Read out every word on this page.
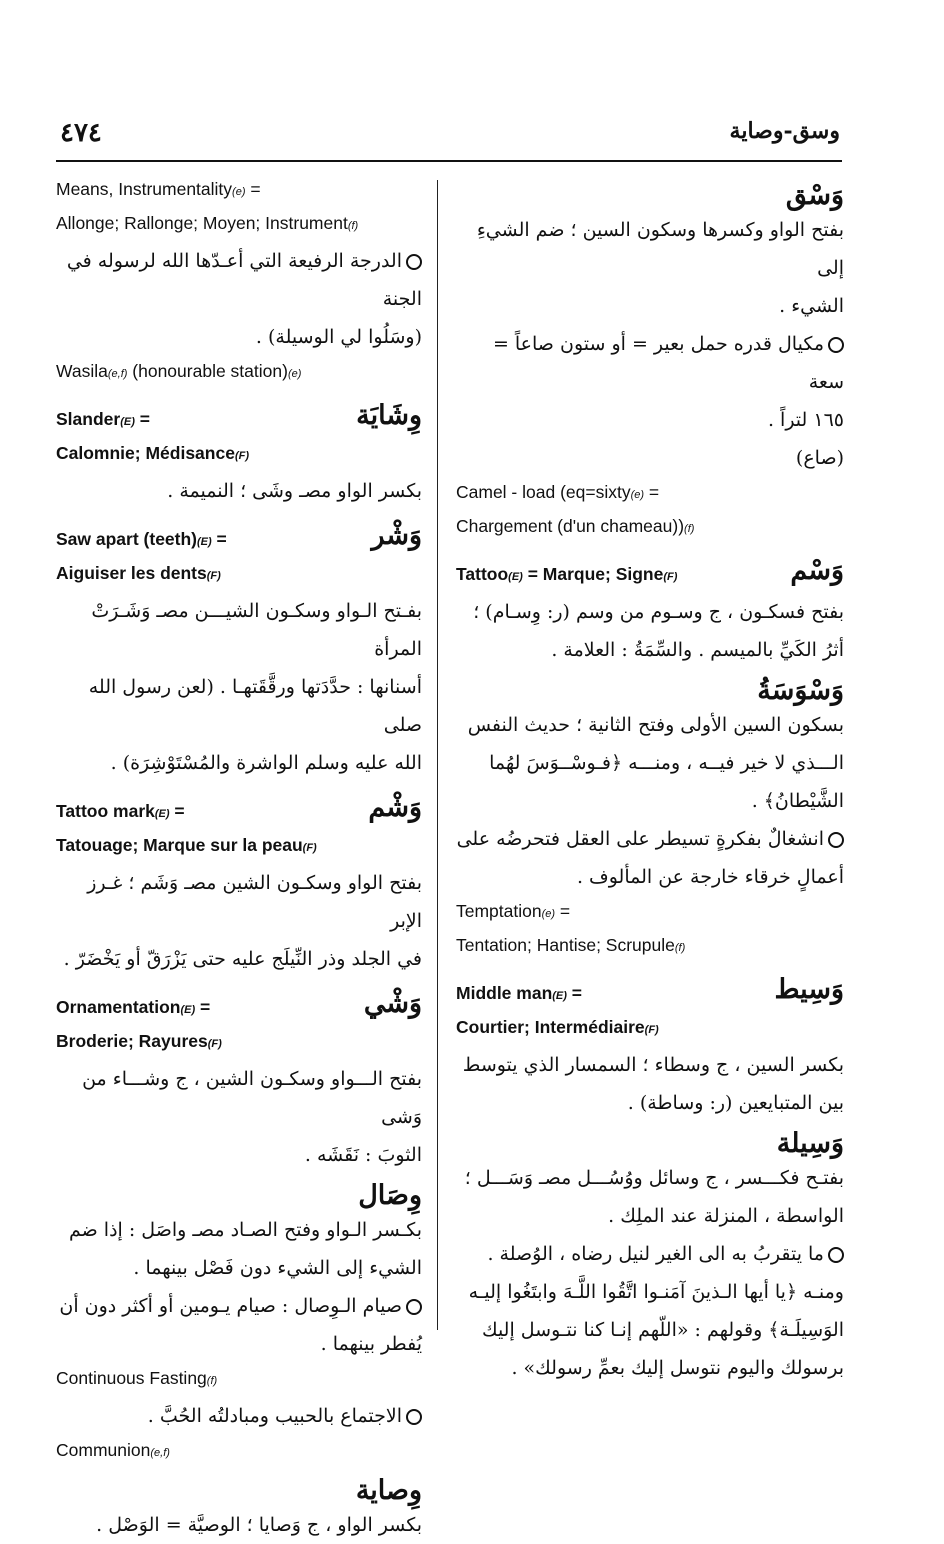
٤٧٤	وسق-وصاية
Means, Instrumentality(e) =
Allonge; Rallonge; Moyen; Instrument(f)
الدرجة الرفيعة التي أعـدّها الله لرسوله في الجنة
(وسَلُوا لي الوسيلة) .
Wasila(e,f) (honourable station)(e)
وِشَايَة
Slander(E) =
Calomnie; Médisance(F)
بكسر الواو مصـ وشَى ؛ النميمة .
وَشْر
Saw apart (teeth)(E) =
Aiguiser les dents(F)
بفـتح الـواو وسكـون الشيـــن مصـ وَشَـرَتْ المرأة
أسنانها : حدَّدَتها ورقَّقَتهـا . (لعن رسول الله صلى
الله عليه وسلم الواشرة والمُسْتَوْشِرَة) .
وَشْم
Tattoo mark(E) =
Tatouage; Marque sur la peau(F)
بفتح الواو وسكـون الشين مصـ وَشَم ؛ غـرز الإبر
في الجلد وذر النِّيلَج عليه حتى يَزْرَقّ أو يَخْضَرّ .
وَشْي
Ornamentation(E) =
Broderie; Rayures(F)
بفتح الـــواو وسكـون الشين ، ج وشـــاء من وَشى
الثوبَ : نَقَشَه .
وِصَال
بكـسر الـواو وفتح الصـاد مصـ واصَل : إذا ضم
الشيء إلى الشيء دون فَصْل بينهما .
صيام الـوِصال : صيام يـومين أو أكثر دون أن
يُفطر بينهما .
Continuous Fasting(f)
الاجتماع بالحبيب ومبادلتُه الحُبَّ .
Communion(e,f)
وِصاية
بكسر الواو ، ج وَصايا ؛ الوصيَّة = الوَصْل .
وَسْق
بفتح الواو وكسرها وسكون السين ؛ ضم الشيءِ إلى
الشيء .
مكيال قدره حمل بعير = أو ستون صاعاً = سعة
١٦٥ لتراً .
(صاع)
Camel - load (eq=sixty(e) =
Chargement (d'un chameau))(f)
وَسْم
Tattoo(E) = Marque; Signe(F)
بفتح فسكـون ، ج وسـوم من وسم (ر: وِسـام) ؛
أثرُ الكَيِّ بالميسم . والسِّمَةُ : العلامة .
وَسْوَسَةُ
بسكون السين الأولى وفتح الثانية ؛ حديث النفس
الـــذي لا خير فيــه ، ومنـــه ﴿فـوسْــوَسَ لهُما
الشَّيْطانُ﴾ .
انشغالٌ بفكرةٍ تسيطر على العقل فتحرضُه على
أعمالٍ خرقاء خارجة عن المألوف .
Temptation(e) =
Tentation; Hantise; Scrupule(f)
وَسِيط
Middle man(E) =
Courtier; Intermédiaire(F)
بكسر السين ، ج وسطاء ؛ السمسار الذي يتوسط
بين المتبايعين (ر: وساطة) .
وَسِيلة
بفتـح فكـــسر ، ج وسائل ووُسُـــل مصـ وَسَـــل ؛
الواسطة ، المنزلة عند الملِك .
ما يتقربُ به الى الغير لنيل رضاه ، الوُصلة .
ومنـه ﴿يا أيها الـذينَ آمَنـوا اتَّقُوا اللَّـهَ وابتَغُوا إليـه
الوَسِيلَـة﴾ وقولهم : «اللّهم إنـا كنا نتـوسل إليك
برسولك واليوم نتوسل إليك بعمِّ رسولك» .
